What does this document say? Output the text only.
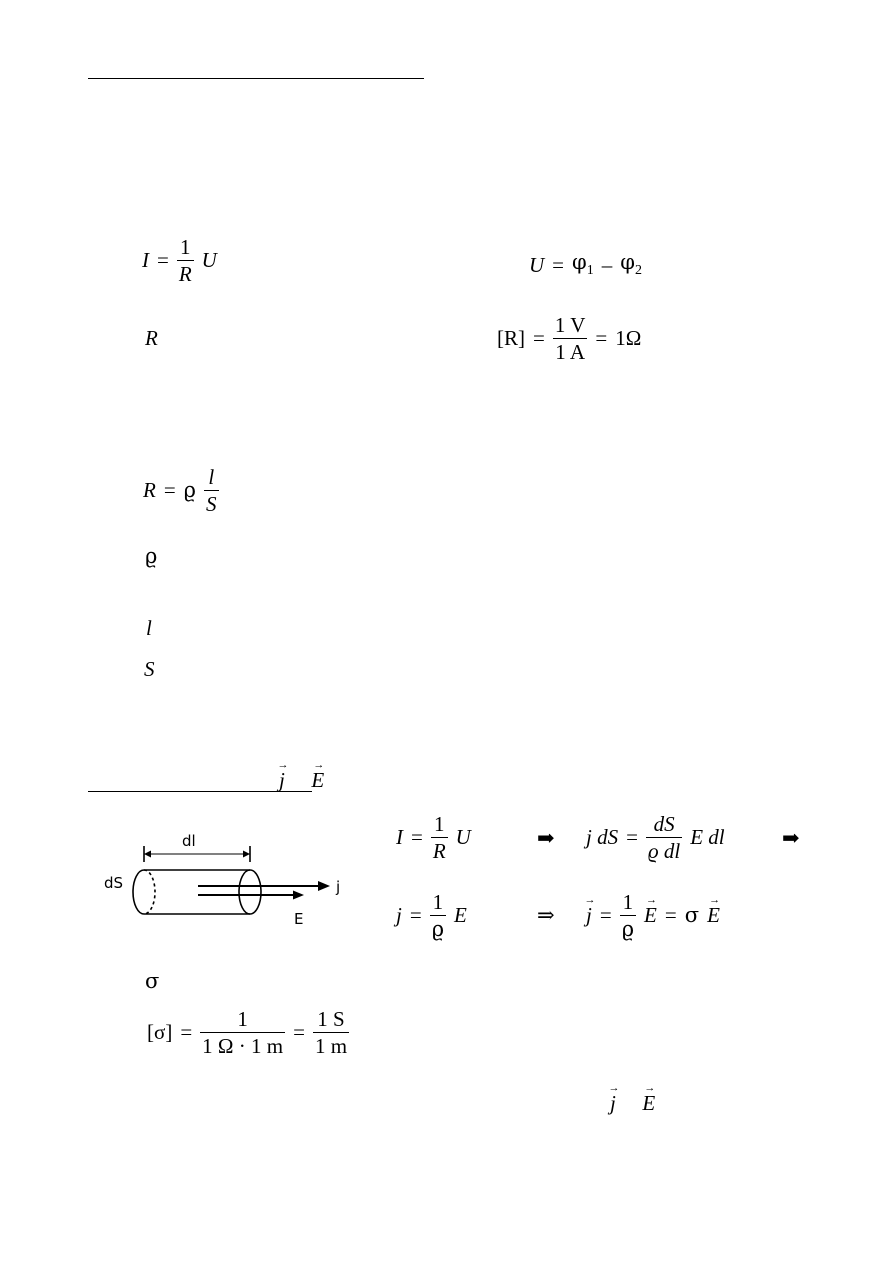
$I = \frac{1}{R}$ U	$U = \varphi_1 - \varphi_2$
R	$[R] = \frac{1 V}{1 A} = 1\Omega$
R = ϱ $\frac{l}{S}$
ϱ
l
S
→ j  → E
dl
dS	j
E
$I = \frac{1}{R}$ U	➡ j dS = $\frac{dS}{\text{ϱ dl}}$ E dl	➡
$j = \frac{1}{ϱ}$ E	⇒
→ $j = \frac{1}{ϱ}$
→ E = σ
→ E
σ
$[\sigma] = \frac{1}{1 \Omega \cdot 1 m} = \frac{1 S}{1 m}$
→ j  → E
